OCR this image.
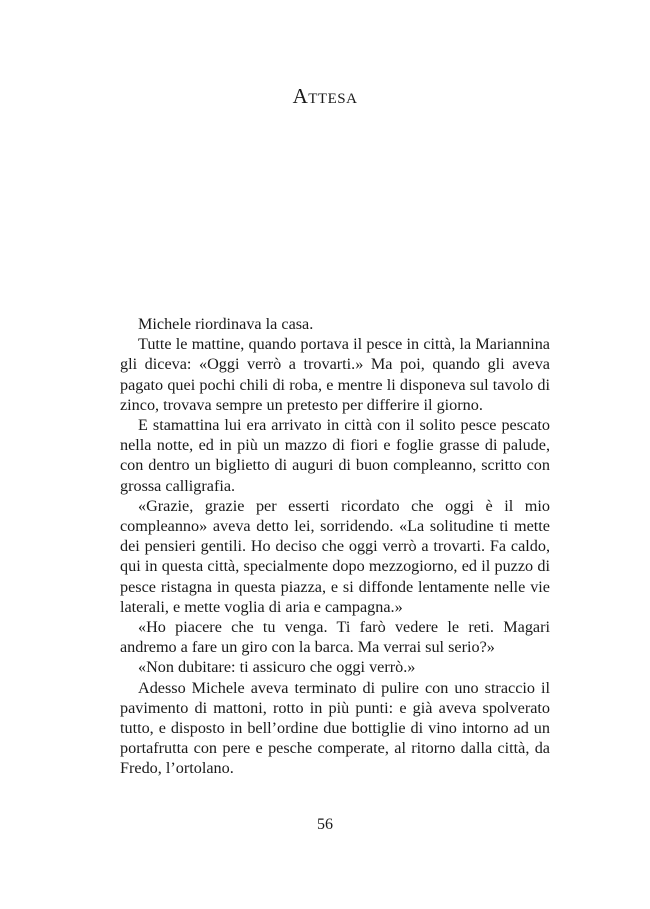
Attesa

Michele riordinava la casa.

Tutte le mattine, quando portava il pesce in città, la Mariannina gli diceva: «Oggi verrò a trovarti.» Ma poi, quando gli aveva pagato quei pochi chili di roba, e mentre li disponeva sul tavolo di zinco, trovava sempre un pretesto per differire il giorno.

E stamattina lui era arrivato in città con il solito pesce pescato nella notte, ed in più un mazzo di fiori e foglie grasse di palude, con dentro un biglietto di auguri di buon compleanno, scritto con grossa calligrafia.

«Grazie, grazie per esserti ricordato che oggi è il mio compleanno» aveva detto lei, sorridendo. «La solitudine ti mette dei pensieri gentili. Ho deciso che oggi verrò a trovarti. Fa caldo, qui in questa città, specialmente dopo mezzogiorno, ed il puzzo di pesce ristagna in questa piazza, e si diffonde lentamente nelle vie laterali, e mette voglia di aria e campagna.»

«Ho piacere che tu venga. Ti farò vedere le reti. Magari andremo a fare un giro con la barca. Ma verrai sul serio?»

«Non dubitare: ti assicuro che oggi verrò.»

Adesso Michele aveva terminato di pulire con uno straccio il pavimento di mattoni, rotto in più punti: e già aveva spolverato tutto, e disposto in bell’ordine due bottiglie di vino intorno ad un portafrutta con pere e pesche comperate, al ritorno dalla città, da Fredo, l’ortolano.

56
